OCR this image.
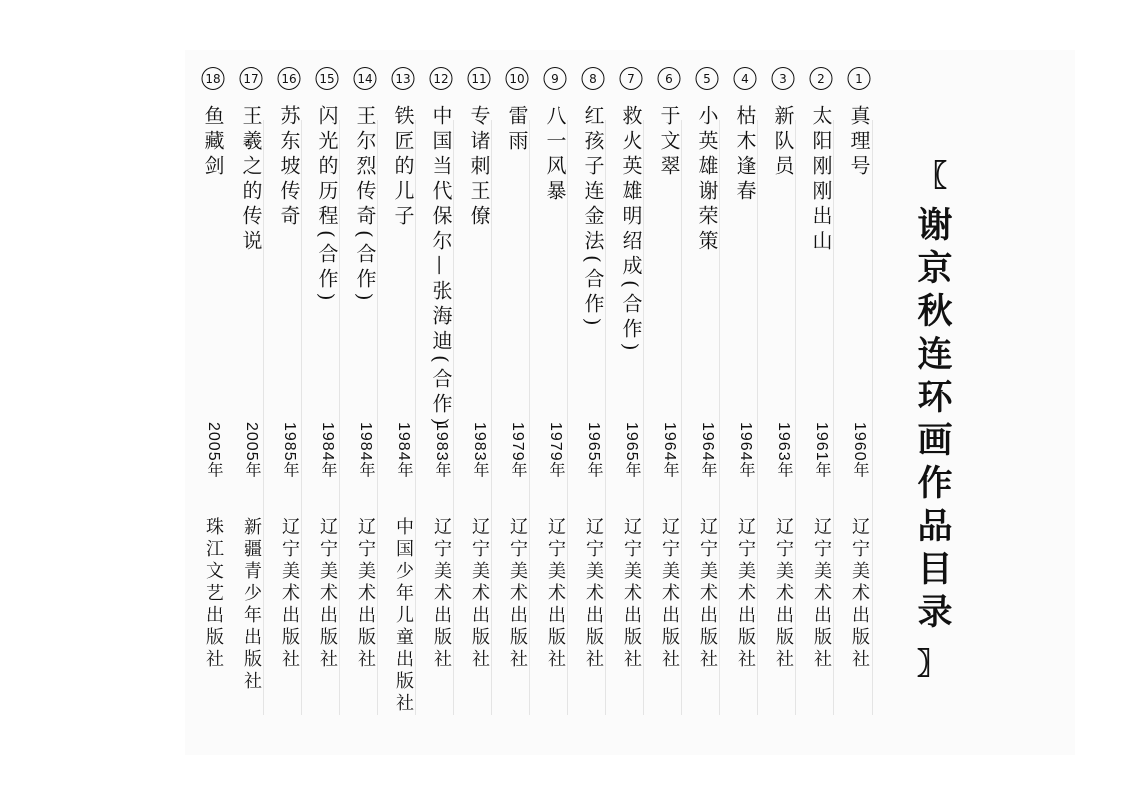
〖
谢京秋连环画作品目录
〗
1
真理号
1960年
辽宁美术出版社
2
太阳刚刚出山
1961年
辽宁美术出版社
3
新队员
1963年
辽宁美术出版社
4
枯木逢春
1964年
辽宁美术出版社
5
小英雄谢荣策
1964年
辽宁美术出版社
6
于文翠
1964年
辽宁美术出版社
7
救火英雄明绍成(合作)
1965年
辽宁美术出版社
8
红孩子连金法(合作)
1965年
辽宁美术出版社
9
八一风暴
1979年
辽宁美术出版社
10
雷雨
1979年
辽宁美术出版社
11
专诸刺王僚
1983年
辽宁美术出版社
12
中国当代保尔—张海迪(合作)
1983年
辽宁美术出版社
13
铁匠的儿子
1984年
中国少年儿童出版社
14
王尔烈传奇(合作)
1984年
辽宁美术出版社
15
闪光的历程(合作)
1984年
辽宁美术出版社
16
苏东坡传奇
1985年
辽宁美术出版社
17
王羲之的传说
2005年
新疆青少年出版社
18
鱼藏剑
2005年
珠江文艺出版社
